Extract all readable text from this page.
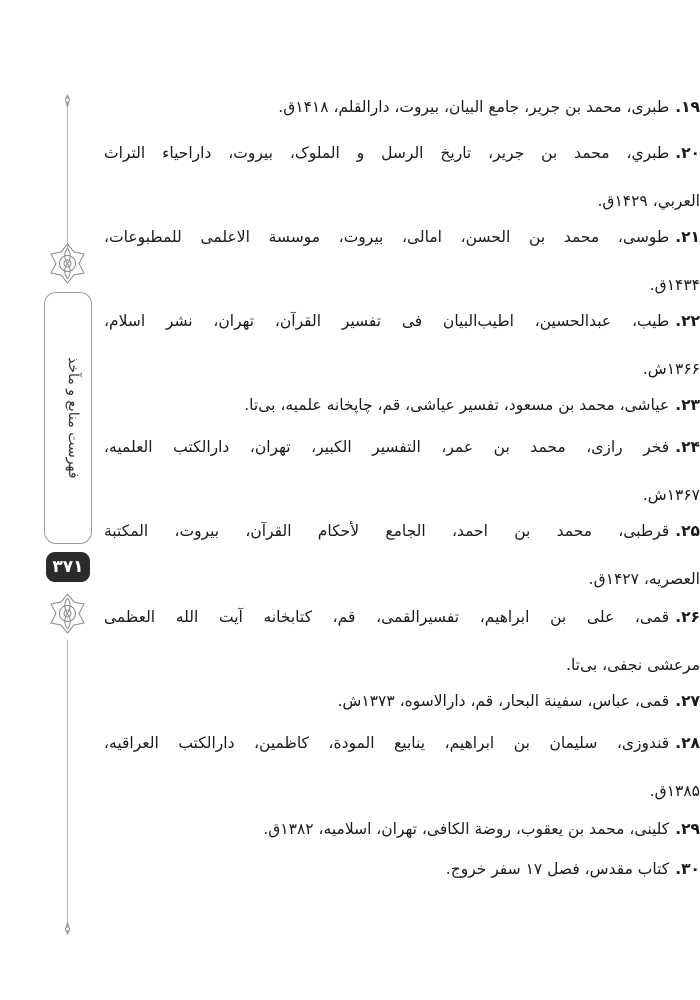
فهرست منابع و مآخذ
۳۷۱
۱۹.طبری، محمد بن جریر، جامع البیان، بیروت، دارالقلم، ۱۴۱۸ق.
۲۰.طبري، محمد بن جرير، تاريخ الرسل و الملوک، بيروت، داراحياء التراث
العربي، ۱۴۲۹ق.
۲۱.طوسی، محمد بن الحسن، امالی، بیروت، موسسة الاعلمی للمطبوعات،
۱۴۳۴ق.
۲۲.طیب، عبدالحسین، اطیب‌البیان فی تفسیر القرآن، تهران، نشر اسلام،
۱۳۶۶ش.
۲۳.عیاشی، محمد بن مسعود، تفسیر عیاشی، قم، چاپخانه علمیه، بی‌تا.
۲۴.فخر رازی، محمد بن عمر، التفسیر الکبیر، تهران، دارالکتب العلمیه،
۱۳۶۷ش.
۲۵.قرطبی، محمد بن احمد، الجامع لأحکام القرآن، بیروت، المکتبة
العصریه، ۱۴۲۷ق.
۲۶.قمی، علی بن ابراهیم، تفسیرالقمی، قم، کتابخانه آیت الله العظمی
مرعشی نجفی، بی‌تا.
۲۷.قمی، عباس، سفینة البحار، قم، دارالاسوه، ۱۳۷۳ش.
۲۸.قندوزی، سلیمان بن ابراهیم، ینابیع المودة، کاظمین، دارالکتب العراقیه،
۱۳۸۵ق.
۲۹.کلینی، محمد بن یعقوب، روضة الکافی، تهران، اسلامیه، ۱۳۸۲ق.
۳۰.کتاب مقدس، فصل ۱۷ سفر خروج.
